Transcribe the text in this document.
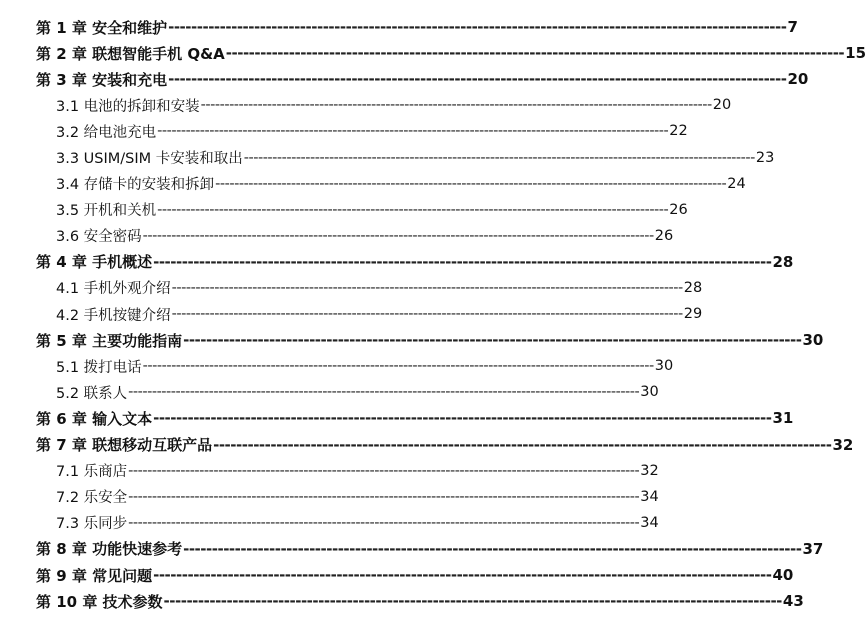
第 1 章 安全和维护 ------------------------------------------------------------------------------------------------------------ 7
第 2 章 联想智能手机 Q&A ------------------------------------------------------------------------------------------------------------ 15
第 3 章 安装和充电 ------------------------------------------------------------------------------------------------------------ 20
3.1 电池的拆卸和安装 ------------------------------------------------------------------------------------------------------------ 20
3.2 给电池充电 ------------------------------------------------------------------------------------------------------------ 22
3.3 USIM/SIM 卡安装和取出 ------------------------------------------------------------------------------------------------------------ 23
3.4 存储卡的安装和拆卸 ------------------------------------------------------------------------------------------------------------ 24
3.5 开机和关机 ------------------------------------------------------------------------------------------------------------ 26
3.6 安全密码 ------------------------------------------------------------------------------------------------------------ 26
第 4 章 手机概述 ------------------------------------------------------------------------------------------------------------ 28
4.1 手机外观介绍 ------------------------------------------------------------------------------------------------------------ 28
4.2 手机按键介绍 ------------------------------------------------------------------------------------------------------------ 29
第 5 章 主要功能指南 ------------------------------------------------------------------------------------------------------------ 30
5.1 拨打电话 ------------------------------------------------------------------------------------------------------------ 30
5.2 联系人 ------------------------------------------------------------------------------------------------------------ 30
第 6 章 输入文本 ------------------------------------------------------------------------------------------------------------ 31
第 7 章 联想移动互联产品 ------------------------------------------------------------------------------------------------------------ 32
7.1 乐商店 ------------------------------------------------------------------------------------------------------------ 32
7.2 乐安全 ------------------------------------------------------------------------------------------------------------ 34
7.3 乐同步 ------------------------------------------------------------------------------------------------------------ 34
第 8 章 功能快速参考 ------------------------------------------------------------------------------------------------------------ 37
第 9 章 常见问题 ------------------------------------------------------------------------------------------------------------ 40
第 10 章 技术参数 ------------------------------------------------------------------------------------------------------------ 43
